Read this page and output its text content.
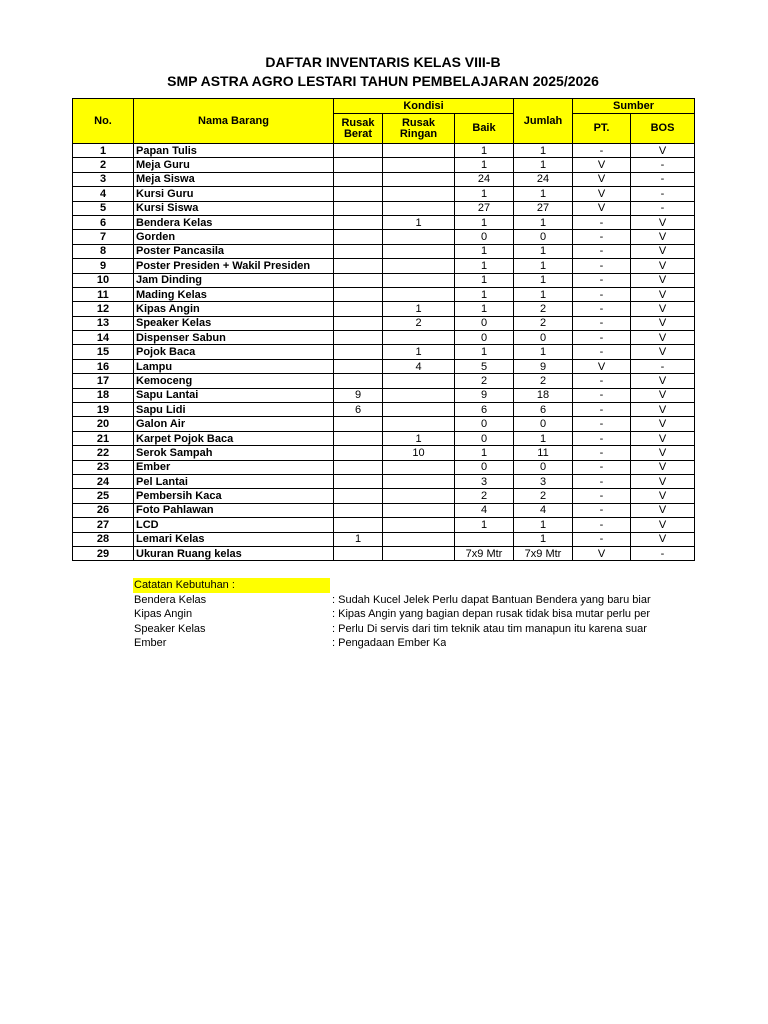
DAFTAR INVENTARIS KELAS VIII-B
SMP ASTRA AGRO LESTARI TAHUN PEMBELAJARAN 2025/2026
No.	Nama Barang	Kondisi			Jumlah	Sumber	
		Rusak Berat	Rusak Ringan	Baik		PT.	BOS
1	Papan Tulis			1	1	-	V
2	Meja Guru			1	1	V	-
3	Meja Siswa			24	24	V	-
4	Kursi Guru			1	1	V	-
5	Kursi Siswa			27	27	V	-
6	Bendera Kelas		1	1	1	-	V
7	Gorden			0	0	-	V
8	Poster Pancasila			1	1	-	V
9	Poster Presiden + Wakil Presiden			1	1	-	V
10	Jam Dinding			1	1	-	V
11	Mading Kelas			1	1	-	V
12	Kipas Angin		1	1	2	-	V
13	Speaker Kelas		2	0	2	-	V
14	Dispenser Sabun			0	0	-	V
15	Pojok Baca		1	1	1	-	V
16	Lampu		4	5	9	V	-
17	Kemoceng			2	2	-	V
18	Sapu Lantai	9		9	18	-	V
19	Sapu Lidi	6		6	6	-	V
20	Galon Air			0	0	-	V
21	Karpet Pojok Baca		1	0	1	-	V
22	Serok Sampah		10	1	11	-	V
23	Ember			0	0	-	V
24	Pel Lantai			3	3	-	V
25	Pembersih Kaca			2	2	-	V
26	Foto Pahlawan			4	4	-	V
27	LCD			1	1	-	V
28	Lemari Kelas	1			1	-	V
29	Ukuran Ruang kelas			7x9 Mtr	7x9 Mtr	V	-
Catatan Kebutuhan :
Bendera Kelas	: Sudah Kucel Jelek Perlu dapat Bantuan Bendera yang baru biar
Kipas Angin	: Kipas Angin yang bagian depan rusak tidak bisa mutar perlu per
Speaker Kelas	: Perlu Di servis dari tim teknik atau tim manapun itu karena suar
Ember	: Pengadaan Ember Ka
